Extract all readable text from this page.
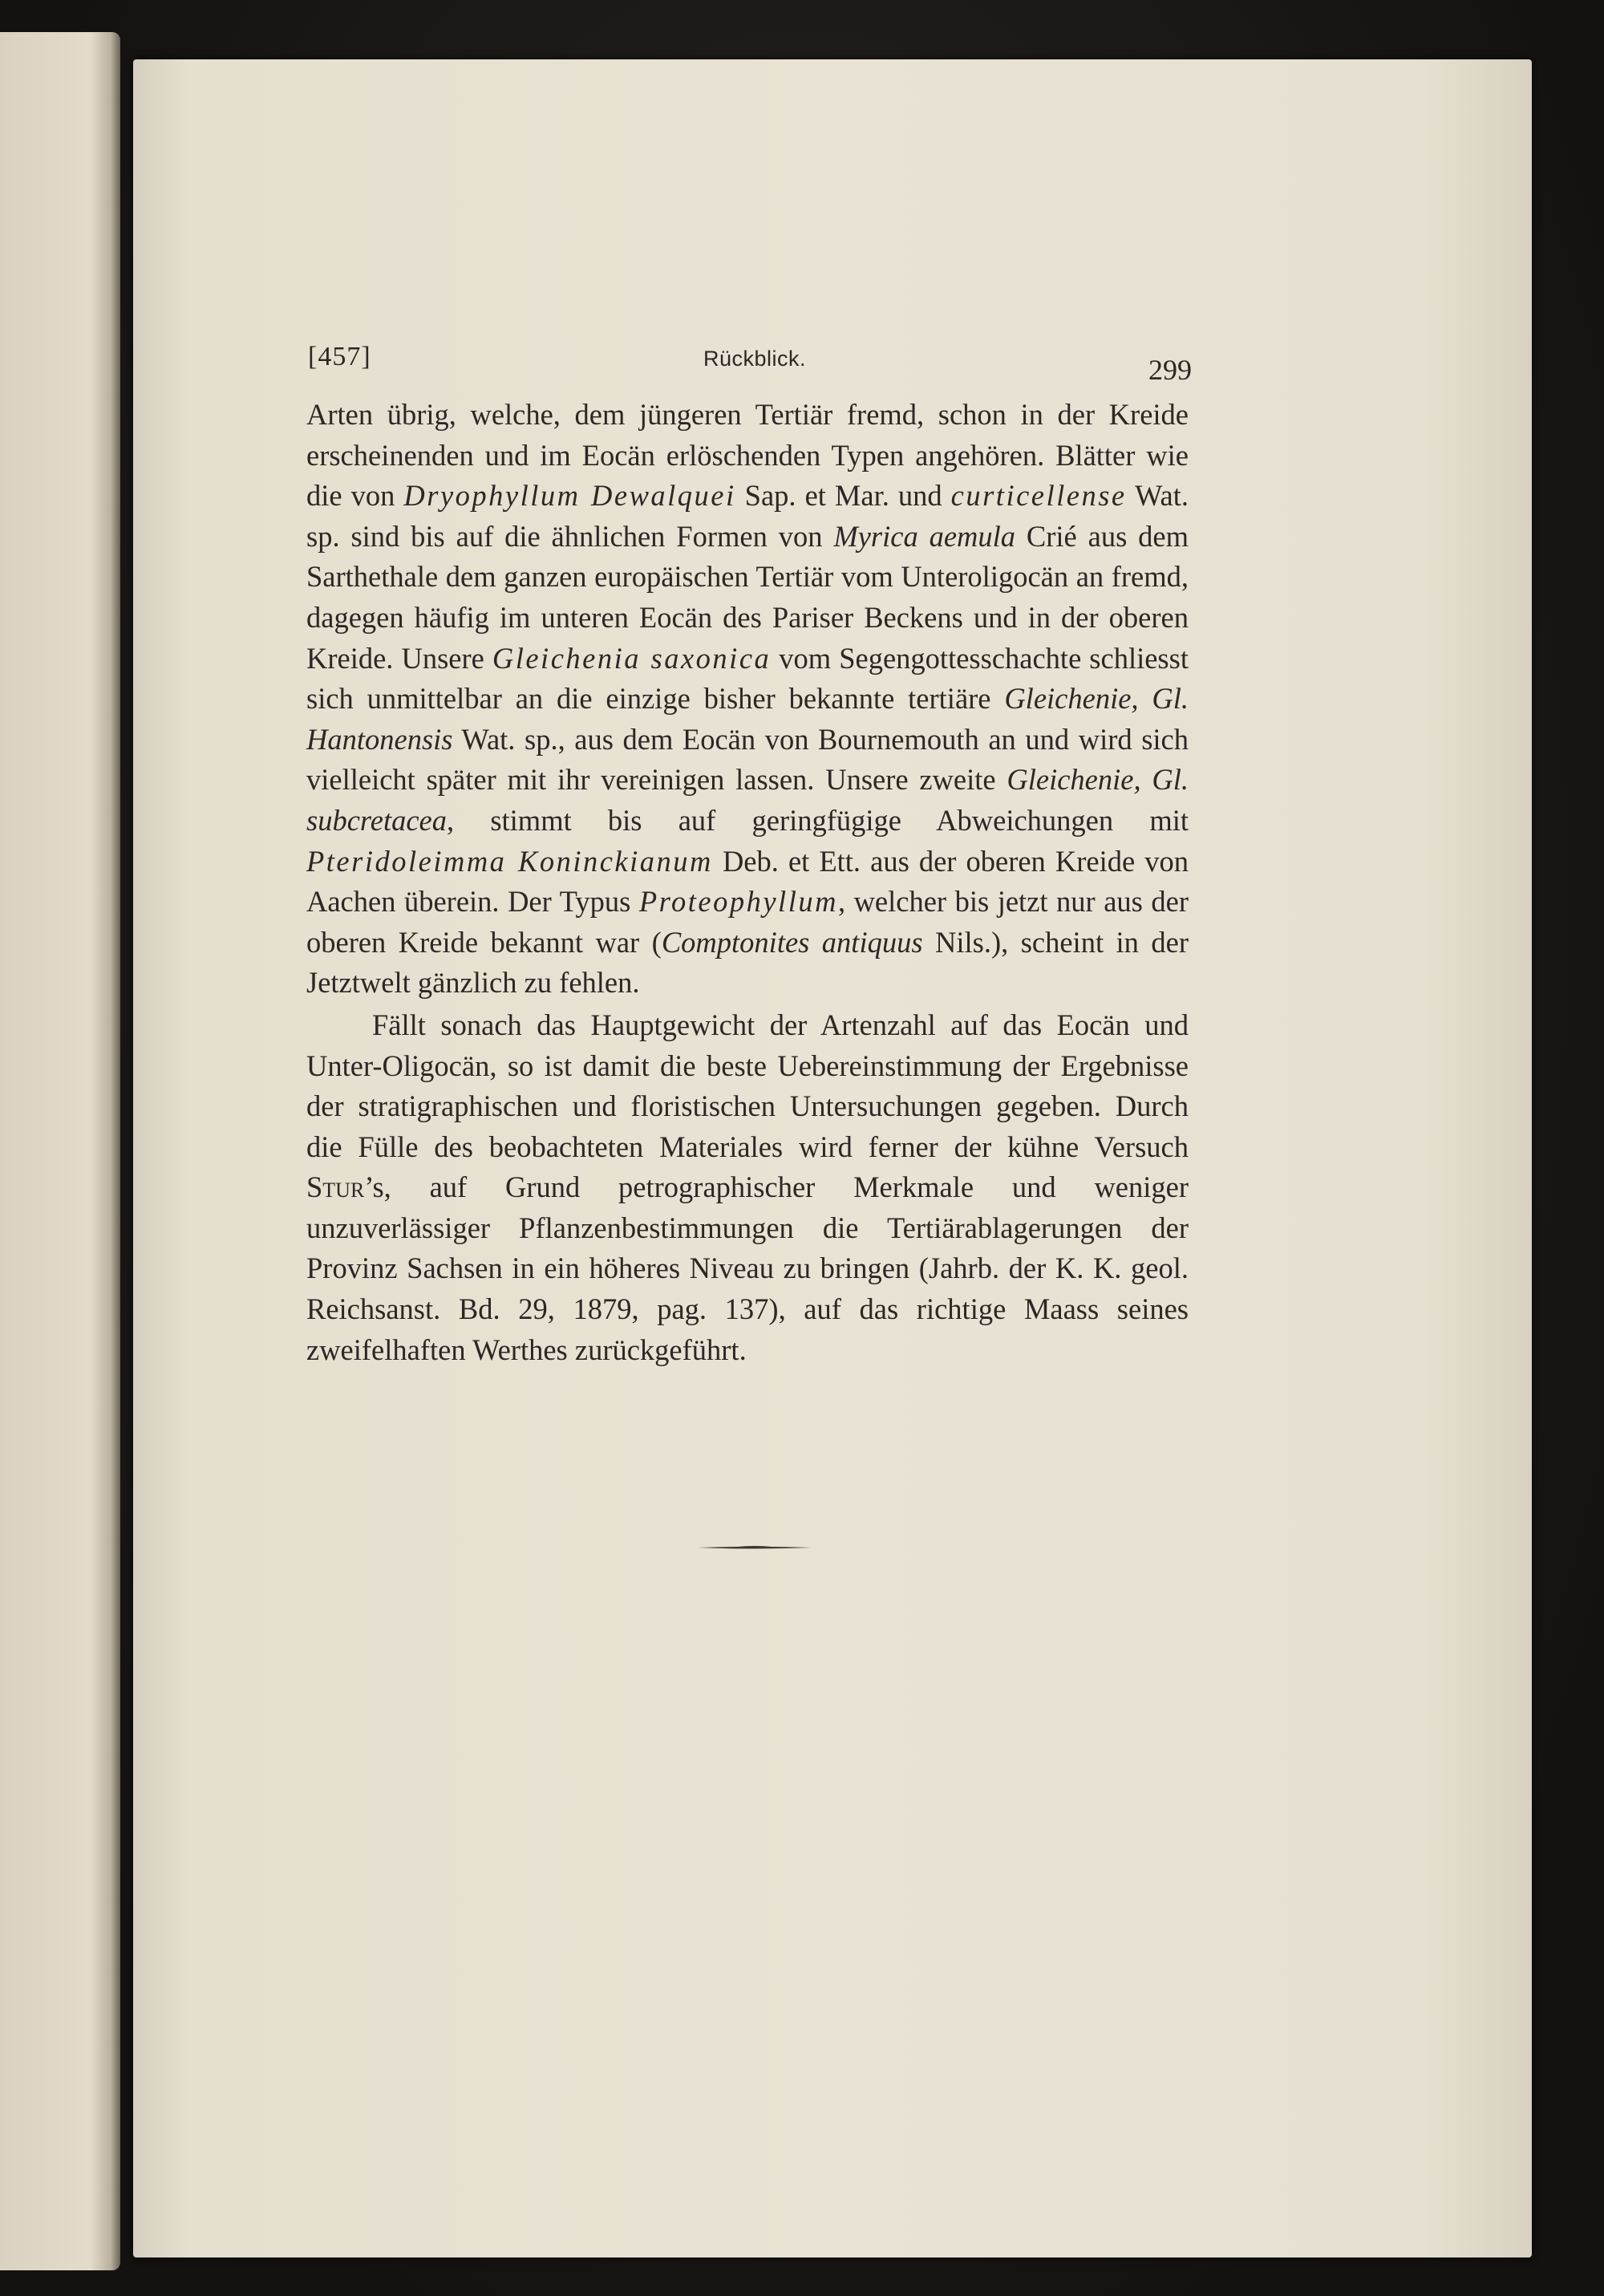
[457]	Rückblick.	299

Arten übrig, welche, dem jüngeren Tertiär fremd, schon in der Kreide erscheinenden und im Eocän erlöschenden Typen angehören. Blätter wie die von Dryophyllum Dewalquei Sap. et Mar. und curticellense Wat. sp. sind bis auf die ähnlichen Formen von Myrica aemula Crié aus dem Sarthethale dem ganzen europäischen Tertiär vom Unteroligocän an fremd, dagegen häufig im unteren Eocän des Pariser Beckens und in der oberen Kreide. Unsere Gleichenia saxonica vom Segengottesschachte schliesst sich unmittelbar an die einzige bisher bekannte tertiäre Gleichenie, Gl. Hantonensis Wat. sp., aus dem Eocän von Bournemouth an und wird sich vielleicht später mit ihr vereinigen lassen. Unsere zweite Gleichenie, Gl. subcretacea, stimmt bis auf geringfügige Abweichungen mit Pteridoleimma Koninckianum Deb. et Ett. aus der oberen Kreide von Aachen überein. Der Typus Proteophyllum, welcher bis jetzt nur aus der oberen Kreide bekannt war (Comptonites antiquus Nils.), scheint in der Jetztwelt gänzlich zu fehlen.

Fällt sonach das Hauptgewicht der Artenzahl auf das Eocän und Unter-Oligocän, so ist damit die beste Uebereinstimmung der Ergebnisse der stratigraphischen und floristischen Untersuchungen gegeben. Durch die Fülle des beobachteten Materiales wird ferner der kühne Versuch Stur’s, auf Grund petrographischer Merkmale und weniger unzuverlässiger Pflanzenbestimmungen die Tertiärablagerungen der Provinz Sachsen in ein höheres Niveau zu bringen (Jahrb. der K. K. geol. Reichsanst. Bd. 29, 1879, pag. 137), auf das richtige Maass seines zweifelhaften Werthes zurückgeführt.
